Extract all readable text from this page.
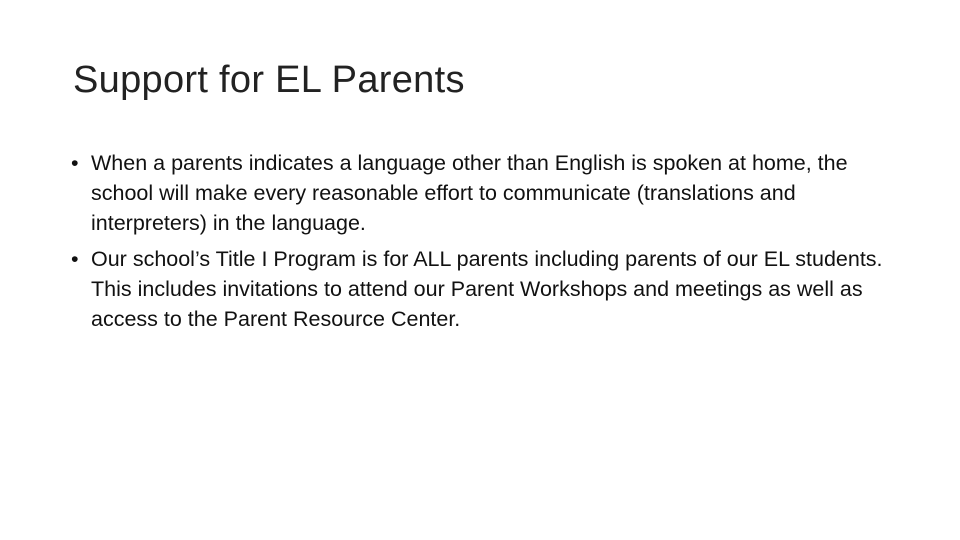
Support for EL Parents
• When a parents indicates a language other than English is spoken at home, the school will make every reasonable effort to communicate (translations and interpreters) in the language.
• Our school’s Title I Program is for ALL parents including parents of our EL students. This includes invitations to attend our Parent Workshops and meetings as well as access to the Parent Resource Center.
